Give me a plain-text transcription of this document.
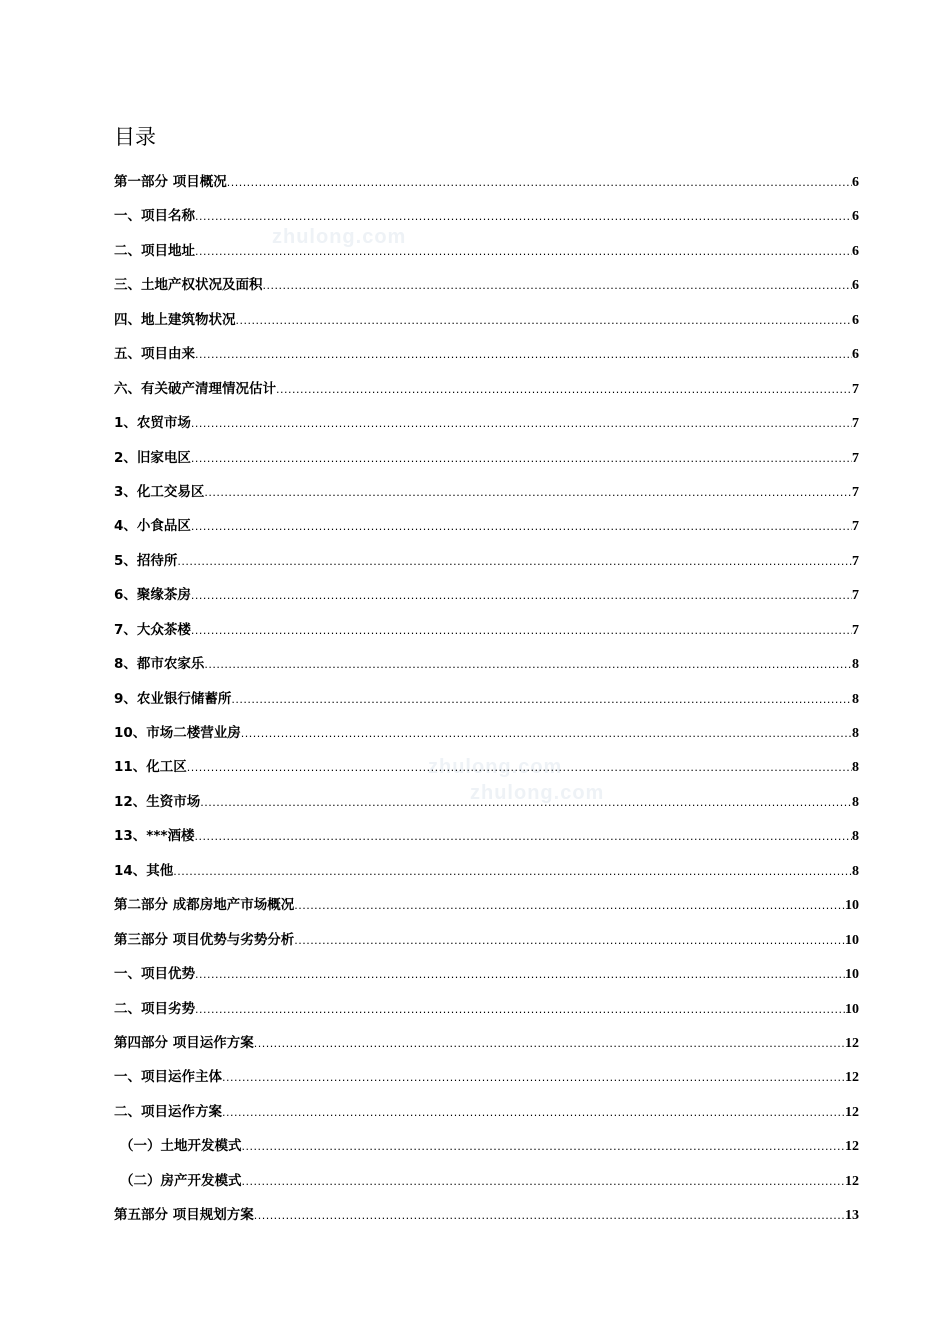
目录
zhulong.com
zhulong.com
zhulong.com
第一部分 项目概况 .....	6
一、项目名称 .....	6
二、项目地址 .....	6
三、土地产权状况及面积 .....	6
四、地上建筑物状况 .....	6
五、项目由来 .....	6
六、有关破产清理情况估计 .....	7
1、农贸市场 .....	7
2、旧家电区 .....	7
3、化工交易区 .....	7
4、小食品区 .....	7
5、招待所 .....	7
6、聚缘茶房 .....	7
7、大众茶楼 .....	7
8、都市农家乐 .....	8
9、农业银行储蓄所 .....	8
10、市场二楼营业房 .....	8
11、化工区 .....	8
12、生资市场 .....	8
13、***酒楼 .....	8
14、其他 .....	8
第二部分 成都房地产市场概况 .....	10
第三部分 项目优势与劣势分析 .....	10
一、项目优势 .....	10
二、项目劣势 .....	10
第四部分 项目运作方案 .....	12
一、项目运作主体 .....	12
二、项目运作方案 .....	12
（一）土地开发模式 .....	12
（二）房产开发模式 .....	12
第五部分 项目规划方案 .....	13
